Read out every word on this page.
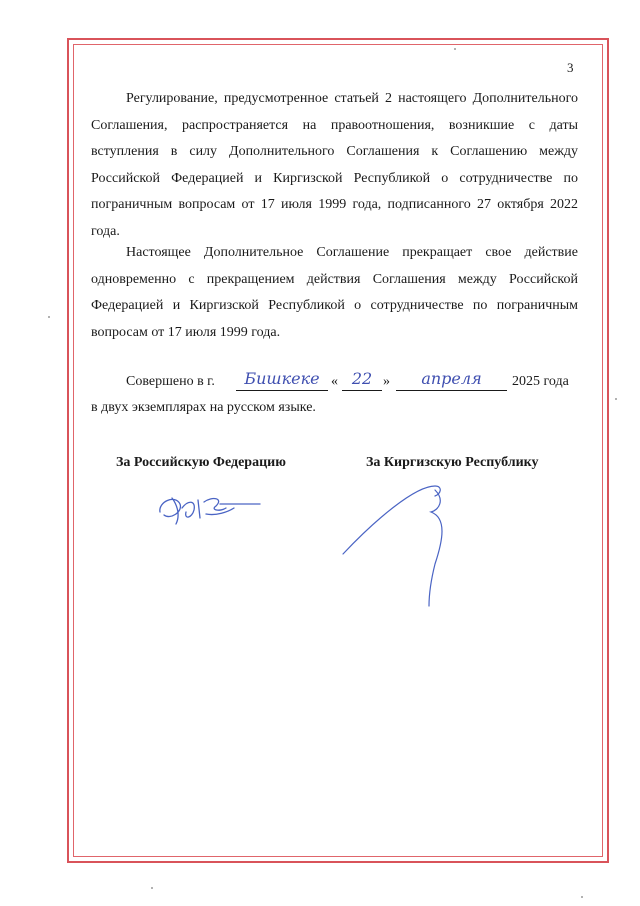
3

Регулирование, предусмотренное статьей 2 настоящего Дополнительного Соглашения, распространяется на правоотношения, возникшие с даты вступления в силу Дополнительного Соглашения к Соглашению между Российской Федерацией и Киргизской Республикой о сотрудничестве по пограничным вопросам от 17 июля 1999 года, подписанного 27 октября 2022 года.

Настоящее Дополнительное Соглашение прекращает свое действие одновременно с прекращением действия Соглашения между Российской Федерацией и Киргизской Республикой о сотрудничестве по пограничным вопросам от 17 июля 1999 года.

Совершено в г.	Бишкеке « 22 »	апреля	2025 года
в двух экземплярах на русском языке.
За Российскую Федерацию	За Киргизскую Республику
